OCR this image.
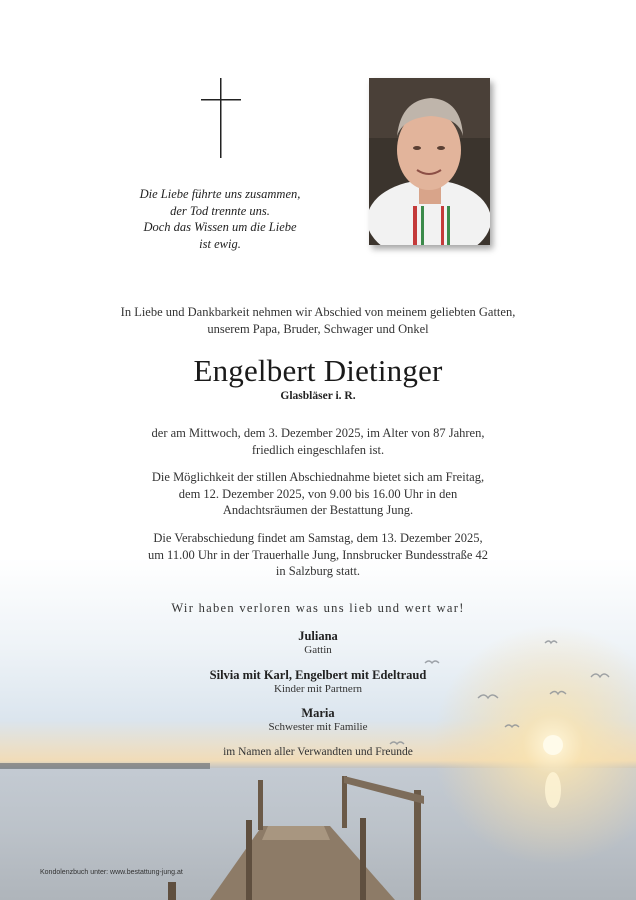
Die Liebe führte uns zusammen,
der Tod trennte uns.
Doch das Wissen um die Liebe
ist ewig.
In Liebe und Dankbarkeit nehmen wir Abschied von meinem geliebten Gatten,
unserem Papa, Bruder, Schwager und Onkel
Engelbert Dietinger
Glasbläser i. R.
der am Mittwoch, dem 3. Dezember 2025, im Alter von 87 Jahren,
friedlich eingeschlafen ist.
Die Möglichkeit der stillen Abschiednahme bietet sich am Freitag,
dem 12. Dezember 2025, von 9.00 bis 16.00 Uhr in den
Andachtsräumen der Bestattung Jung.
Die Verabschiedung findet am Samstag, dem 13. Dezember 2025,
um 11.00 Uhr in der Trauerhalle Jung, Innsbrucker Bundesstraße 42
in Salzburg statt.
Wir haben verloren was uns lieb und wert war!
Juliana
Gattin
Silvia mit Karl, Engelbert mit Edeltraud
Kinder mit Partnern
Maria
Schwester mit Familie
im Namen aller Verwandten und Freunde
Kondolenzbuch unter: www.bestattung-jung.at
